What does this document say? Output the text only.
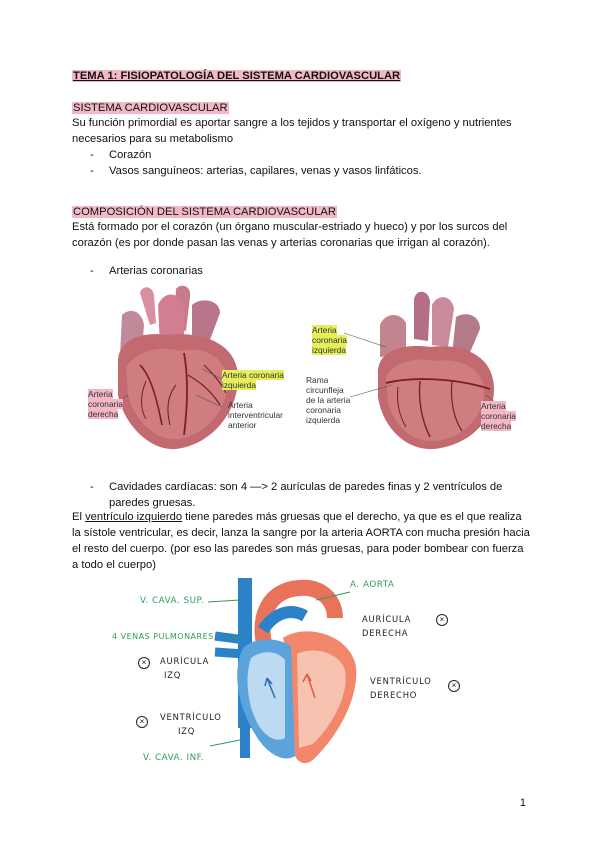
TEMA 1: FISIOPATOLOGÍA DEL SISTEMA CARDIOVASCULAR
SISTEMA CARDIOVASCULAR
Su función primordial es aportar sangre a los tejidos y transportar el oxígeno y nutrientes
necesarios para su metabolismo
- Corazón
- Vasos sanguíneos: arterias, capilares, venas y vasos linfáticos.
COMPOSICIÓN DEL SISTEMA CARDIOVASCULAR
Está formado por el corazón (un órgano muscular-estriado y hueco) y por los surcos del
corazón (es por donde pasan las venas y arterias coronarias que irrigan al corazón).
- Arterias coronarias
Arteria coronaria
izquierda
Arteria
coronaria
derecha
Arteria
interventricular
anterior
Arteria
coronaria
izquierda
Rama
circunfleja
de la arteria
coronaria
izquierda
Arteria
coronaria
derecha
- Cavidades cardíacas: son 4 —> 2 aurículas de paredes finas y 2 ventrículos de
paredes gruesas.
El ventrículo izquierdo tiene paredes más gruesas que el derecho, ya que es el que realiza
la sístole ventricular, es decir, lanza la sangre por la arteria AORTA con mucha presión hacia
el resto del cuerpo. (por eso las paredes son más gruesas, para poder bombear con fuerza
a todo el cuerpo)
V. CAVA. SUP.
A. AORTA
4 VENAS PULMONARES
V. CAVA. INF.
AURÍCULA
DERECHA
×
×	AURÍCULA
IZQ
VENTRÍCULO
DERECHO
×
×	VENTRÍCULO
IZQ
1
